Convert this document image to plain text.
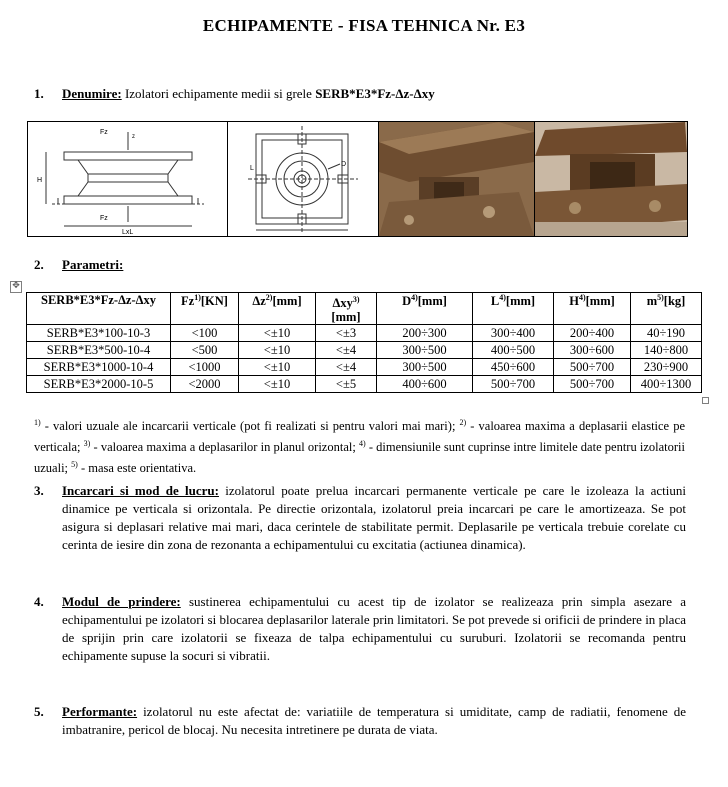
ECHIPAMENTE - FISA TEHNICA Nr. E3
1. Denumire: Izolatori echipamente medii si grele SERB*E3*Fz-Δz-Δxy
Fz
z
H
Fz
LxL
D
L
2. Parametri:
✥
SERB*E3*Fz-Δz-Δxy	Fz$^{1)}$[KN]	$\Delta z^{2)}[mm]$	Δxy$^{3)}$
[mm]	$D^{4)}[mm]$	$L^{4)}[mm]$	$H^{4)}[mm]$	$m^{5)}[kg]$
SERB*E3*100-10-3	<100	<±10	<±3	200÷300	300÷400	200÷400	40÷190
SERB*E3*500-10-4	<500	<±10	<±4	300÷500	400÷500	300÷600	140÷800
SERB*E3*1000-10-4	<1000	<±10	<±4	300÷500	450÷600	500÷700	230÷900
SERB*E3*2000-10-5	<2000	<±10	<±5	400÷600	500÷700	500÷700	400÷1300
$^{1)}$ - valori uzuale ale incarcarii verticale (pot fi realizati si pentru valori mai mari); $^{2)}$ - valoarea maxima a deplasarii elastice pe verticala; $^{3)}$ - valoarea maxima a deplasarilor in planul orizontal; $^{4)}$ - dimensiunile sunt cuprinse intre limitele date pentru izolatorii uzuali; $^{5)}$ - masa este orientativa.
3. Incarcari si mod de lucru: izolatorul poate prelua incarcari permanente verticale pe care le izoleaza la actiuni dinamice pe verticala si orizontala. Pe directie orizontala, izolatorul preia incarcari pe care le amortizeaza. Se pot asigura si deplasari relative mai mari, daca cerintele de stabilitate permit. Deplasarile pe verticala trebuie corelate cu cerinta de iesire din zona de rezonanta a echipamentului cu excitatia (actiunea dinamica).
4. Modul de prindere: sustinerea echipamentului cu acest tip de izolator se realizeaza prin simpla asezare a echipamentului pe izolatori si blocarea deplasarilor laterale prin limitatori. Se pot prevede si orificii de prindere in placa de sprijin prin care izolatorii se fixeaza de talpa echipamentului cu suruburi. Izolatorii se recomanda pentru echipamente supuse la socuri si vibratii.
5. Performante: izolatorul nu este afectat de: variatiile de temperatura si umiditate, camp de radiatii, fenomene de imbatranire, pericol de blocaj. Nu necesita intretinere pe durata de viata.
